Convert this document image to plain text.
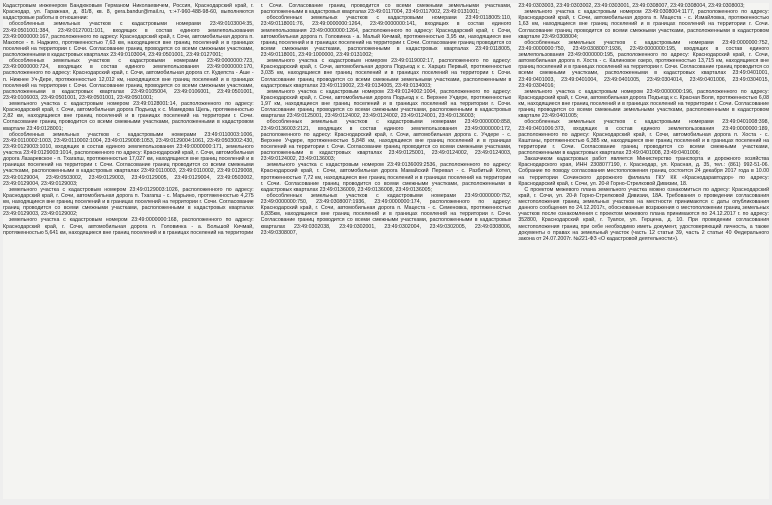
Кадастровым инженером Бандюковым Германом Николаевичем, Россия, Краснодарский край, г. Краснодар, ул. Гаражная, д. 81/8, кв. 8, gera.bandur@mail.ru, т.:+7-960-488-98-60, выполняются кадастровые работы в отношении:

обособленных земельных участков с кадастровыми номерами 23:49:0103004:35, 23:49:0501001:384, 23:49:0127001:101, входящих в состав единого землепользования 23:49:0000000:167, расположенного по адресу: Краснодарский край, г. Сочи, автомобильная дорога п. Макопсе - п. Наджиго, протяженностью 7,63 км, находящиеся вне границ поселений и в границах поселений на территории г. Сочи. Согласование границ проводится со всеми смежными участками, расположенными в кадастровых кварталах 23:49:0103004, 23:49:0501001, 23:49:0127001;

обособленных земельных участков с кадастровыми номерами 23:49:0000000:723, 23:49:0000000:724, входящих в состав единого землепользования 23:49:0000000:170, расположенного по адресу: Краснодарский край, г. Сочи, автомобильная дорога ст. Кудепста - Аше - п. Нижнее Уч-Дере, протяженностью 12,012 км, находящихся вне границ поселений и в границах поселений на территории г. Сочи. Согласование границ проводится со всеми смежными участками, расположенными в кадастровых кварталах 23:49:0105004, 23:49:0106001, 23:49:0501001, 23:49:0106003, 23:49:0501001, 23:49:0501001, 23:49:0501001;

земельного участка с кадастровым номером 23:49:0128001:14, расположенного по адресу: Краснодарский край, г. Сочи, автомобильная дорога Подъезд к с. Мамедова Щель, протяженностью 2,82 км, находящиеся вне границ поселений и в границах поселений на территории г. Сочи. Согласование границ проводится со всеми смежными участками, расположенными в кадастровом квартале 23:49:0128001;

обособленных земельных участков с кадастровыми номерами 23:49:0110003:1006, 23:49:0110002:1003, 23:49:0110002:1004, 23:49:0129008:1053, 23:49:0129004:1061, 23:49:0503002:430, 23:49:0129003:1010, входящих в состав единого землепользования 23:49:0000000:171, земельного участка 23:49:0129003:1014, расположенного по адресу: Краснодарский край, г. Сочи, автомобильная дорога Лазаревское - п. Тхагапш, протяженностью 17,027 км, находящиеся вне границ поселений и в границах поселений на территории г. Сочи. Согласование границ проводится со всеми смежными участками, расположенными в кадастровых кварталах 23:49:0110003, 23:49:0110002, 23:49:0129008, 23:49:0129004, 23:49:0503002, 23:49:0129003, 23:49:0129005, 23:49:0129004, 23:49:0503002, 23:49:0129004, 23:49:0129003;

земельного участка с кадастровым номером 23:49:0129003:1026, расположенного по адресу: Краснодарский край, г. Сочи, автомобильная дорога п. Тхагапш - с. Марьино, протяженностью 4,275 км, находящиеся вне границ поселений и в границах поселений на территории г. Сочи. Согласование границ проводится со всеми смежными участками, расположенными в кадастровых кварталах 23:49:0129003, 23:49:0129002;

земельного участка с кадастровым номером 23:49:0000000:168, расположенного по адресу: Краснодарский край, г. Сочи, автомобильная дорога п. Головинка - а. Большой Кичмай, протяженностью 5,641 км, находящиеся вне границ поселений и в границах поселений на территории

г. Сочи. Согласование границ проводится со всеми смежными земельными участками, расположенными в кадастровых кварталах 23:49:0117004, 23:49:0117002, 23:49:0131001;

обособленных земельных участков с кадастровыми номерами 23:49:0118005:110, 23:49:0118001:76, 23:49:0000000:1264, 23:49:0000000:141, входящих в состав единого землепользования 23:49:0000000:1264, расположенного по адресу: Краснодарский край, г. Сочи, автомобильная дорога п. Головинка - а. Малый Кичмай, протяженностью 3,95 км, находящиеся вне границ поселений и в границах поселений на территории г. Сочи. Согласование границ проводится со всеми смежными участками, расположенными в кадастровых кварталах 23:49:0118005, 23:49:0118001, 23:49:1000000, 23:49:0131002;

земельного участка с кадастровым номером 23:49:0119002:17, расположенного по адресу: Краснодарский край, г. Сочи, автомобильная дорога Подъезд к с. Харциз Первый, протяженностью 3,035 км, находящиеся вне границ поселений и в границах поселений на территории г. Сочи. Согласование границ проводится со всеми смежными земельными участками, расположенными в кадастровых кварталах 23:49:0119002, 23:49:0134005, 23:49:0134003;

земельного участка с кадастровым номером 23:49:0124002:1004, расположенного по адресу: Краснодарский край, г. Сочи, автомобильная дорога Подъезд к с. Верхнее Учдере, протяженностью 1,97 км, находящиеся вне границ поселений и в границах поселений на территории г. Сочи. Согласование границ проводится со всеми смежными участками, расположенными в кадастровых кварталах 23:49:0125001, 23:49:0124002, 23:49:0124002, 23:49:0124001, 23:49:0136003;

обособленных земельных участков с кадастровыми номерами 23:49:0000000:858, 23:49:0136003:2121, входящих в состав единого землепользования 23:49:0000000:172, расположенного по адресу: Краснодарский край, г. Сочи, автомобильная дорога с. Учдере - с. Верхнее Учдере, протяженностью 5,848 км, находящиеся вне границ поселений и в границах поселений на территории г. Сочи. Согласование границ проводится со всеми смежными участками, расположенными в кадастровых кварталах 23:49:0125001, 23:49:0124002, 23:49:0124003, 23:49:0124002, 23:49:0136003;

земельного участка с кадастровым номером 23:49:0136009:2536, расположенного по адресу: Краснодарский край, г. Сочи, автомобильная дорога Мамайский Перевал - с. Разбитый Котел, протяженностью 7,72 км, находящиеся вне границ поселений и в границах поселений на территории г. Сочи. Согласование границ проводится со всеми смежными участками, расположенными в кадастровых кварталах 23:49:0136009, 23:49:0136008, 23:49:0136005;

обособленных земельных участков с кадастровыми номерами 23:49:0000000:752, 23:49:0000000:750, 23:49:0308007:1936, 23:49:0000000:174, расположенного по адресу: Краснодарский край, г. Сочи, автомобильная дорога п. Мацеста - с. Семеновка, протяженностью 6,835км, находящиеся вне границ поселений и в границах поселений на территории г. Сочи. Согласование границ проводится со всеми смежными участками, расположенными в кадастровых кварталах 23:49:0302038, 23:49:0302001, 23:49:0302004, 23:49:0302005, 23:49:0308006, 23:49:0308007,

23:49:0303003, 23:49:0303002, 23:49:0303001, 23:49:0308007, 23:49:0308004, 23:49:0308003;

земельного участка с кадастровым номером 23:49:0308004:1177, расположенного по адресу: Краснодарский край, г. Сочи, автомобильная дорога п. Мацеста - с. Измайловка, протяженностью 1,63 км, находящиеся вне границ поселений и в границах поселений на территории г. Сочи. Согласование границ проводится со всеми смежными участками, расположенными в кадастровом квартале 23:49:0308004;

обособленных земельных участков с кадастровыми номерами 23:49:0000000:752, 23:49:0000000:750, 23:49:0308007:1936, 23:49:0000000:195, входящих в состав единого землепользования 23:49:0000000:195, расположенного по адресу: Краснодарский край, г. Сочи, автомобильная дорога п. Хоста - с. Калиновое озеро, протяженностью 13,715 км, находящиеся вне границ поселений и в границах поселений на территории г. Сочи. Согласование границ проводится со всеми смежными участками, расположенными в кадастровых кварталах 23:49:0401001, 23:49:0401003, 23:49:0401004, 23:49:0401005, 23:49:0304014, 23:49:0401006, 23:49:0304015, 23:49:0304016;

земельного участка с кадастровым номером 23:49:0000000:196, расположенного по адресу: Краснодарский край, г. Сочи, автомобильная дорога Подъезд к с. Красная Воля, протяженностью 6,08 км, находящиеся вне границ поселений и в границах поселений на территории г. Сочи. Согласование границ проводится со всеми смежными земельными участками, расположенными в кадастровом квартале 23:49:0401005;

обособленных земельных участков с кадастровыми номерами 23:49:0401008:398, 23:49:0401006:373, входящих в состав единого землепользования 23:49:0000000:189, расположенного по адресу: Краснодарский край, г. Сочи, автомобильная дорога п. Хоста - с. Каштаны, протяженностью 6,385 км, находящиеся вне границ поселений и в границах поселений на территории г. Сочи. Согласование границ проводится со всеми смежными участками, расположенными в кадастровых кварталах 23:49:0401008, 23:49:0401006;

Заказчиком кадастровых работ является Министерство транспорта и дорожного хозяйства Краснодарского края, ИНН 2308077190, г. Краснодар, ул. Красная, д. 35, тел.: (861) 992-51-06. Собрание по поводу согласования местоположения границ состоится 24 декабря 2017 года в 10.00 на территории Сочинского дорожного филиала ГКУ КК «Краснодаравтодор» по адресу: Краснодарский край, г. Сочи, ул. 20-й Горно-Стрелковой Дивизии, 18.

С проектом межевого плана земельного участка можно ознакомиться по адресу: Краснодарский край, г. Сочи, ул. 20-й Горно-Стрелковой Дивизии, 18А. Требования о проведении согласования местоположения границ земельных участков на местности принимаются с даты опубликования данного сообщения по 24.12.2017г., обоснованные возражения о местоположении границ земельных участков после ознакомления с проектом межевого плана принимаются по 24.12.2017 г. по адресу: 352800, Краснодарский край, г. Туапсе, ул. Герцена, д. 10. При проведении согласования местоположения границ при себе необходимо иметь документ, удостоверяющий личность, а также документы о правах на земельный участок (часть 12 статьи 39, часть 2 статьи 40 Федерального закона от 24.07.2007г. №221-ФЗ «О кадастровой деятельности»).
